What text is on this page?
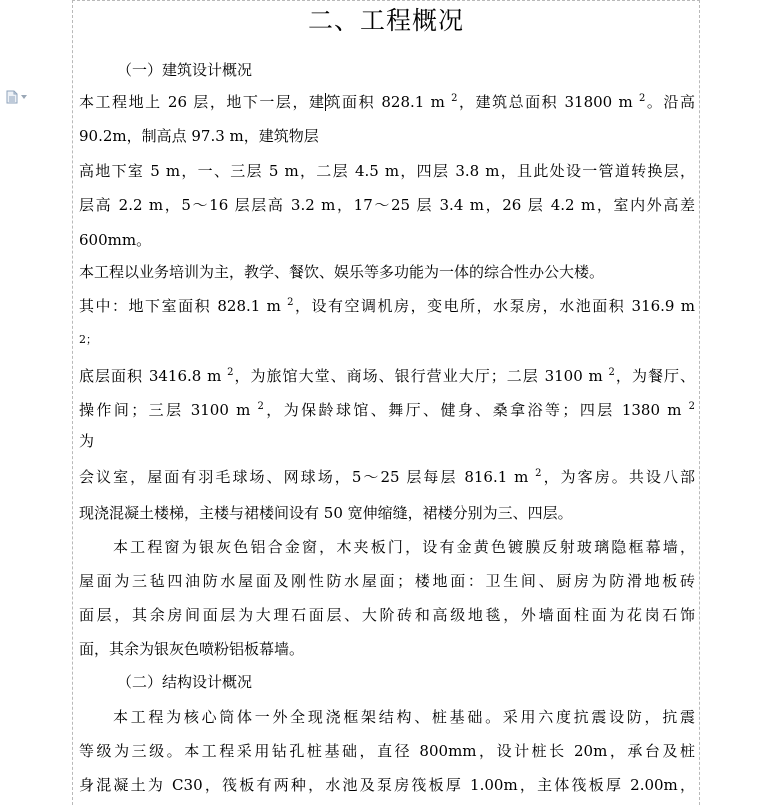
二、工程概况
（一）建筑设计概况
本工程地上 26 层，地下一层，建筑面积 828.1 m $^2$，建筑总面积 31800 m $^2$。沿高
90.2m，制高点 97.3 m，建筑物层
高地下室 5 m，一、三层 5 m，二层 4.5 m，四层 3.8 m，且此处设一管道转换层，
层高 2.2 m，5～16 层层高 3.2 m，17～25 层 3.4 m，26 层 4.2 m，室内外高差
600mm。
本工程以业务培训为主，教学、餐饮、娱乐等多功能为一体的综合性办公大楼。
其中：地下室面积 828.1 m $^2$，设有空调机房，变电所，水泵房，水池面积 316.9 m
2；
底层面积 3416.8 m $^2$，为旅馆大堂、商场、银行营业大厅；二层 3100 m $^2$，为餐厅、
操作间；三层 3100 m $^2$，为保龄球馆、舞厅、健身、桑拿浴等；四层 1380 m $^2$
为
会议室，屋面有羽毛球场、网球场，5～25 层每层 816.1 m $^2$，为客房。共设八部
现浇混凝土楼梯，主楼与裙楼间设有 50 宽伸缩缝，裙楼分别为三、四层。
本工程窗为银灰色铝合金窗，木夹板门，设有金黄色镀膜反射玻璃隐框幕墙，
屋面为三毡四油防水屋面及刚性防水屋面；楼地面：卫生间、厨房为防滑地板砖
面层，其余房间面层为大理石面层、大阶砖和高级地毯，外墙面柱面为花岗石饰
面，其余为银灰色喷粉铝板幕墙。
（二）结构设计概况
本工程为核心筒体一外全现浇框架结构、桩基础。采用六度抗震设防，抗震
等级为三级。本工程采用钻孔桩基础，直径 800mm，设计桩长 20m，承台及桩
身混凝土为 C30，筏板有两种，水池及泵房筏板厚 1.00m，主体筏板厚 2.00m，
